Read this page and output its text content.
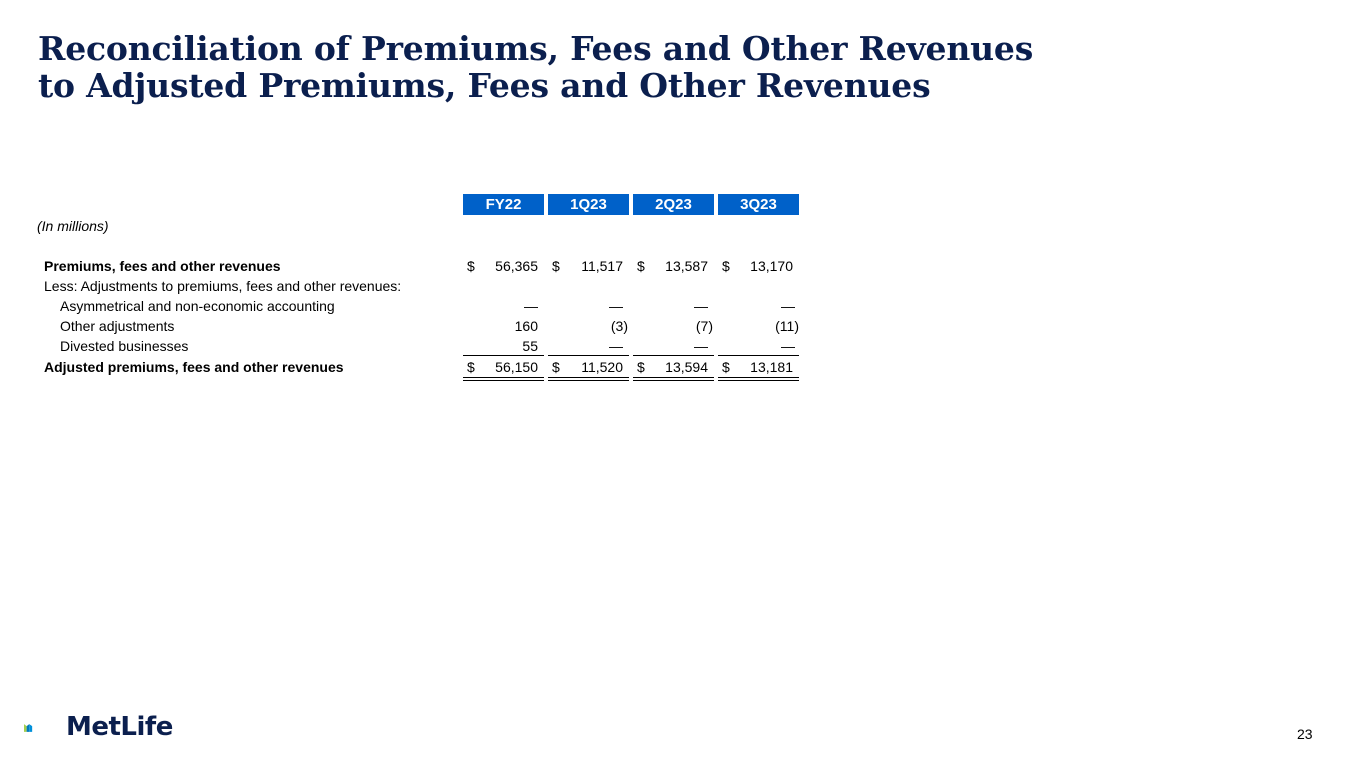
Reconciliation of Premiums, Fees and Other Revenues
to Adjusted Premiums, Fees and Other Revenues
FY22	1Q23	2Q23	3Q23
(In millions)
Premiums, fees and other revenues	$ 56,365 $ 11,517 $ 13,587 $ 13,170
Less: Adjustments to premiums, fees and other revenues:
Asymmetrical and non-economic accounting	—	—	—	—
Other adjustments	160	(3)	(7)	(11)
Divested businesses	55	—	—	—
Adjusted premiums, fees and other revenues	$ 56,150 $ 11,520 $ 13,594 $ 13,181
MetLife	23
